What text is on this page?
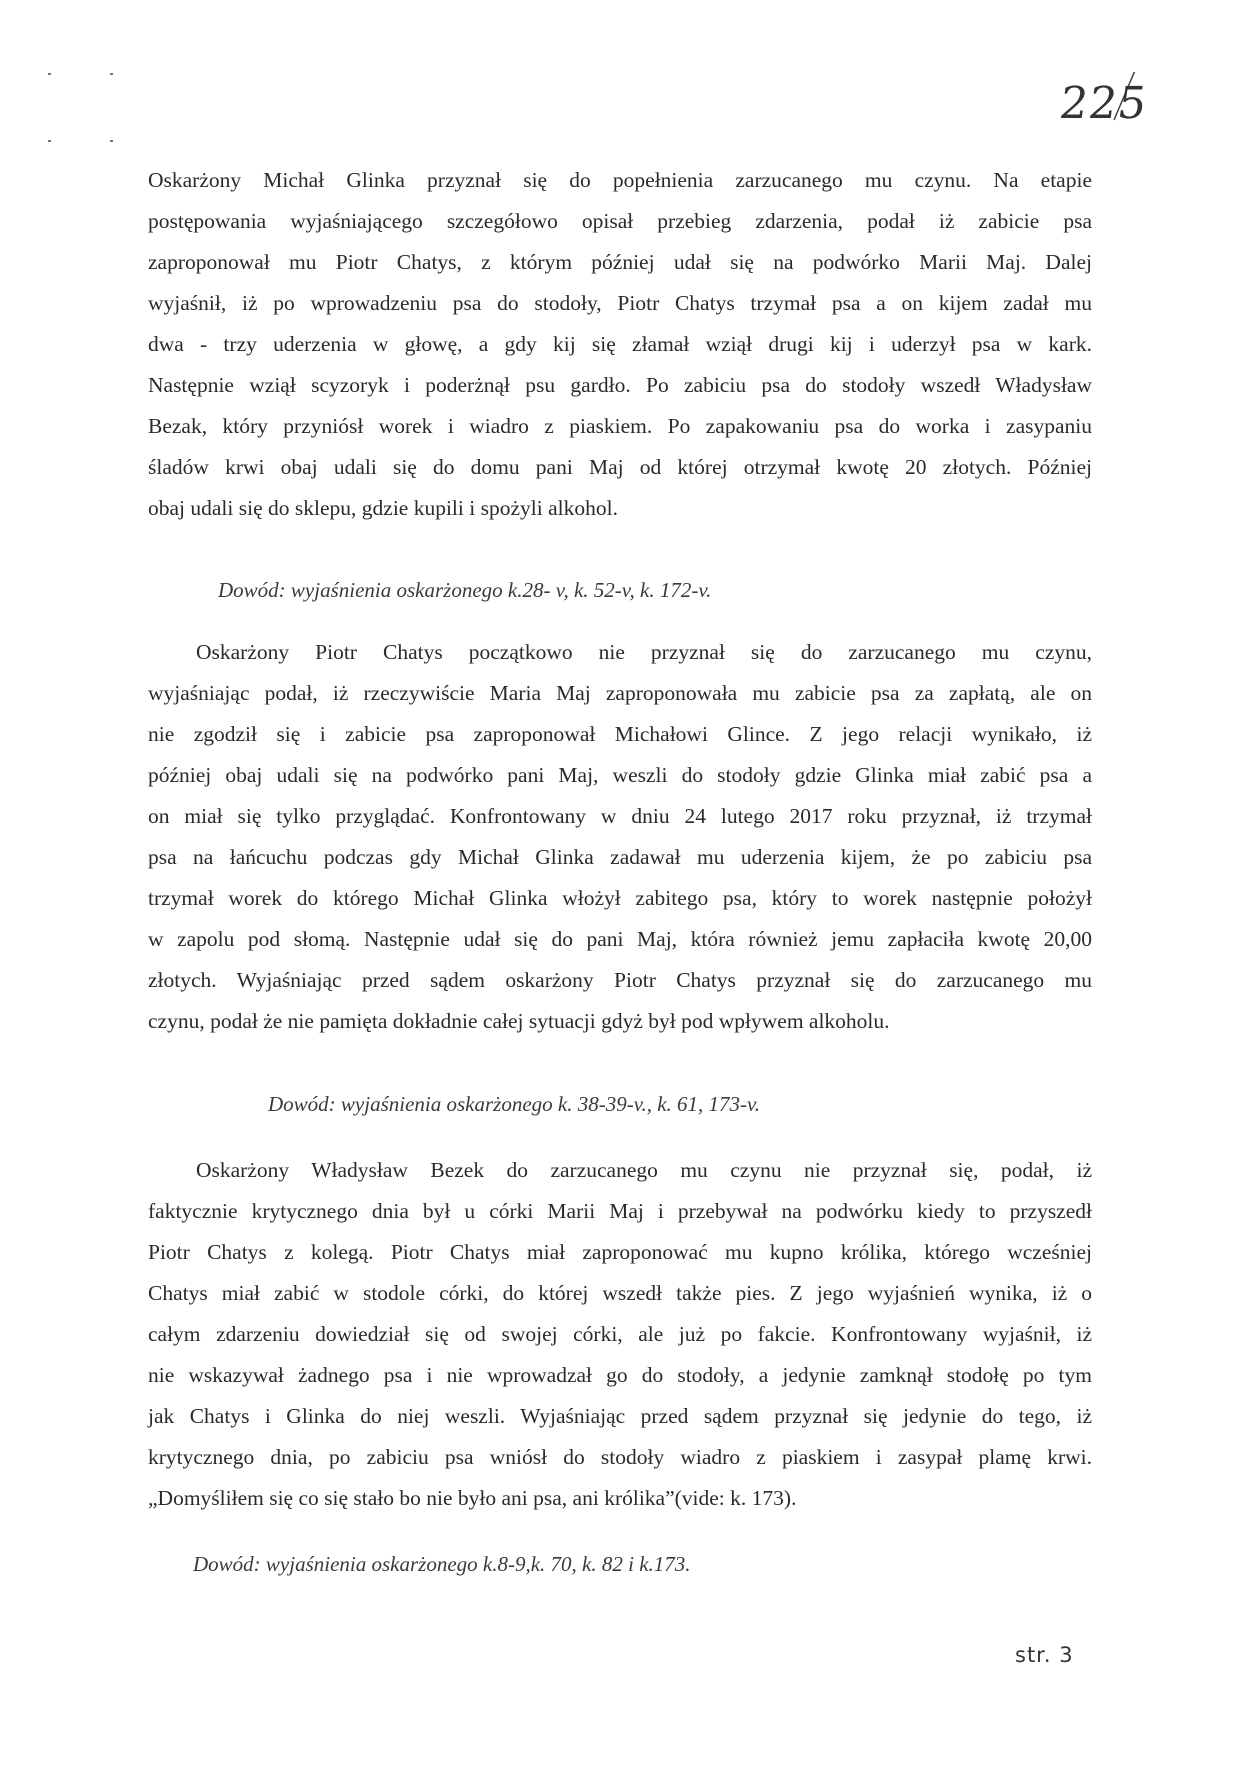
225
Oskarżony Michał Glinka przyznał się do popełnienia zarzucanego mu czynu. Na etapie
postępowania wyjaśniającego szczegółowo opisał przebieg zdarzenia, podał iż zabicie psa
zaproponował mu Piotr Chatys, z którym później udał się na podwórko Marii Maj. Dalej
wyjaśnił, iż po wprowadzeniu psa do stodoły, Piotr Chatys trzymał psa a on kijem zadał mu
dwa - trzy uderzenia w głowę, a gdy kij się złamał wziął drugi kij i uderzył psa w kark.
Następnie wziął scyzoryk i poderżnął psu gardło. Po zabiciu psa do stodoły wszedł Władysław
Bezak, który przyniósł worek i wiadro z piaskiem. Po zapakowaniu psa do worka i zasypaniu
śladów krwi obaj udali się do domu pani Maj od której otrzymał kwotę 20 złotych. Później
obaj udali się do sklepu, gdzie kupili i spożyli alkohol.

Dowód: wyjaśnienia oskarżonego k.28- v, k. 52-v, k. 172-v.

Oskarżony Piotr Chatys początkowo nie przyznał się do zarzucanego mu czynu,
wyjaśniając podał, iż rzeczywiście Maria Maj zaproponowała mu zabicie psa za zapłatą, ale on
nie zgodził się i zabicie psa zaproponował Michałowi Glince. Z jego relacji wynikało, iż
później obaj udali się na podwórko pani Maj, weszli do stodoły gdzie Glinka miał zabić psa a
on miał się tylko przyglądać. Konfrontowany w dniu 24 lutego 2017 roku przyznał, iż trzymał
psa na łańcuchu podczas gdy Michał Glinka zadawał mu uderzenia kijem, że po zabiciu psa
trzymał worek do którego Michał Glinka włożył zabitego psa, który to worek następnie położył
w zapolu pod słomą. Następnie udał się do pani Maj, która również jemu zapłaciła kwotę 20,00
złotych. Wyjaśniając przed sądem oskarżony Piotr Chatys przyznał się do zarzucanego mu
czynu, podał że nie pamięta dokładnie całej sytuacji gdyż był pod wpływem alkoholu.

Dowód: wyjaśnienia oskarżonego k. 38-39-v., k. 61, 173-v.

Oskarżony Władysław Bezek do zarzucanego mu czynu nie przyznał się, podał, iż
faktycznie krytycznego dnia był u córki Marii Maj i przebywał na podwórku kiedy to przyszedł
Piotr Chatys z kolegą. Piotr Chatys miał zaproponować mu kupno królika, którego wcześniej
Chatys miał zabić w stodole córki, do której wszedł także pies. Z jego wyjaśnień wynika, iż o
całym zdarzeniu dowiedział się od swojej córki, ale już po fakcie. Konfrontowany wyjaśnił, iż
nie wskazywał żadnego psa i nie wprowadzał go do stodoły, a jedynie zamknął stodołę po tym
jak Chatys i Glinka do niej weszli. Wyjaśniając przed sądem przyznał się jedynie do tego, iż
krytycznego dnia, po zabiciu psa wniósł do stodoły wiadro z piaskiem i zasypał plamę krwi.
„Domyśliłem się co się stało bo nie było ani psa, ani królika”(vide: k. 173).

Dowód: wyjaśnienia oskarżonego k.8-9,k. 70, k. 82 i k.173.

str. 3
